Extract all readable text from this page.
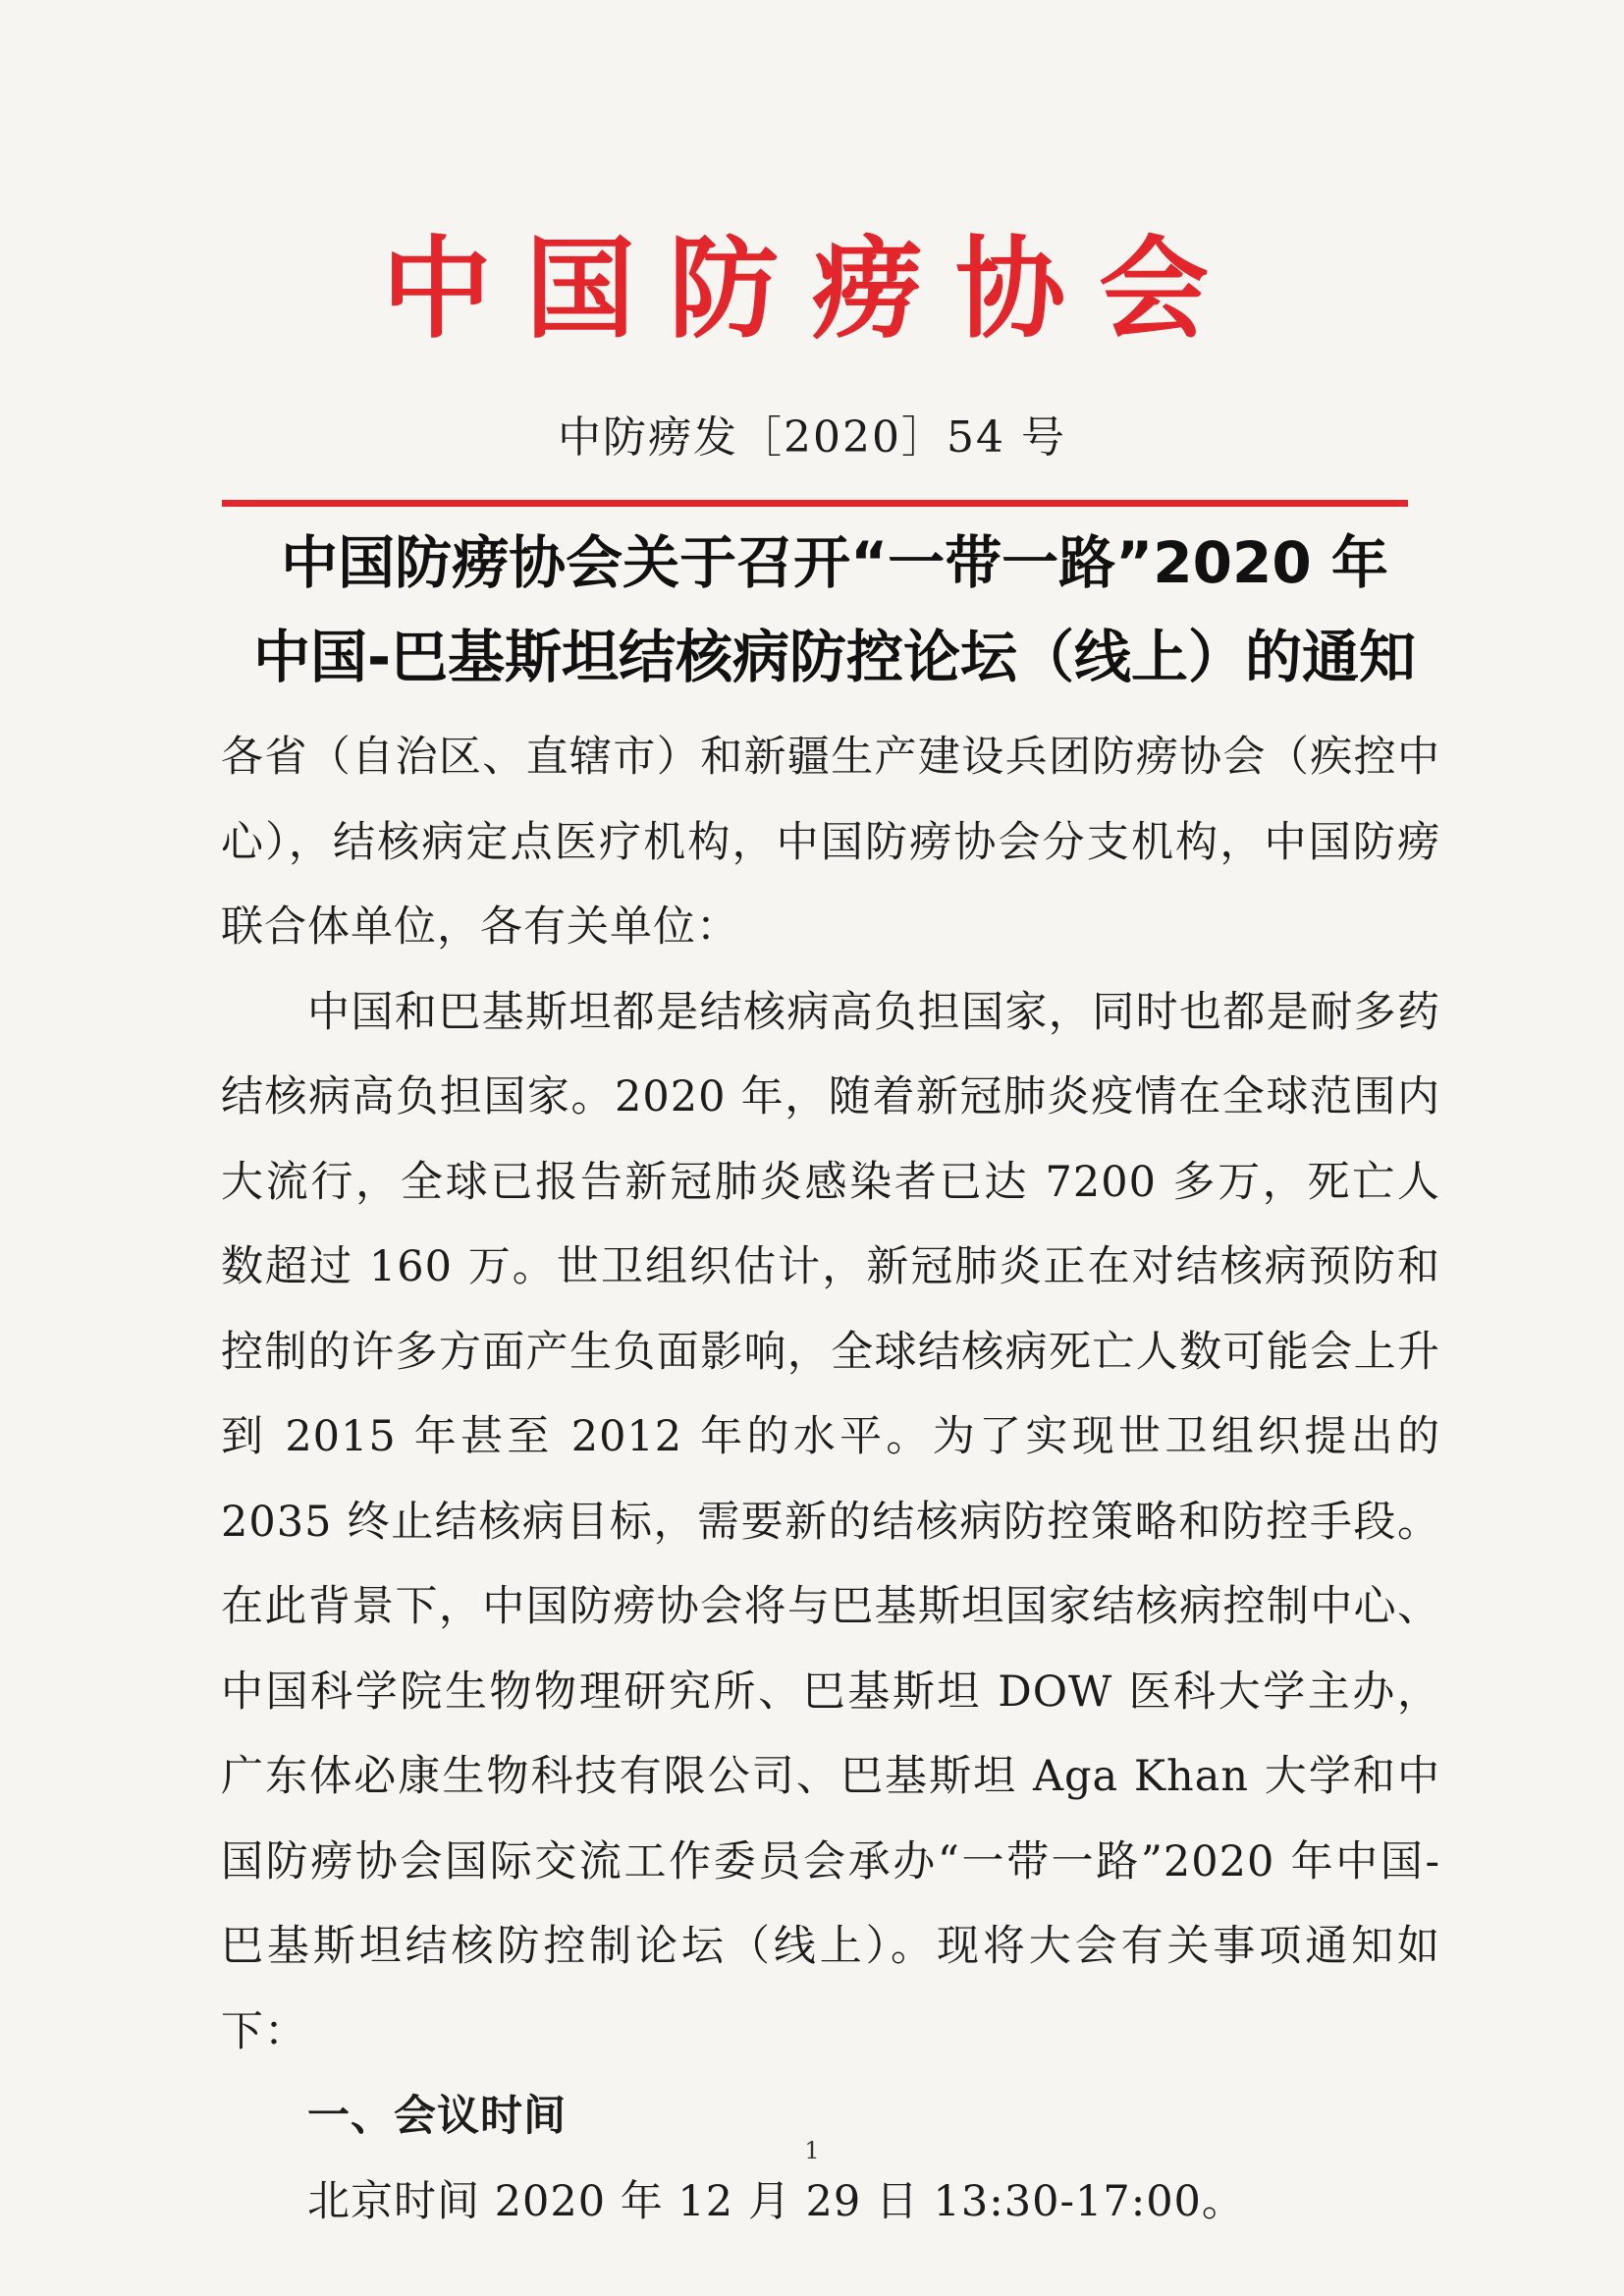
中国防痨协会
中防痨发［2020］54 号
中国防痨协会关于召开“一带一路”2020 年
中国-巴基斯坦结核病防控论坛（线上）的通知

各省（自治区、直辖市）和新疆生产建设兵团防痨协会（疾控中心），结核病定点医疗机构，中国防痨协会分支机构，中国防痨联合体单位，各有关单位：

中国和巴基斯坦都是结核病高负担国家，同时也都是耐多药结核病高负担国家。2020 年，随着新冠肺炎疫情在全球范围内大流行，全球已报告新冠肺炎感染者已达 7200 多万，死亡人数超过 160 万。世卫组织估计，新冠肺炎正在对结核病预防和控制的许多方面产生负面影响，全球结核病死亡人数可能会上升到 2015 年甚至 2012 年的水平。为了实现世卫组织提出的 2035 终止结核病目标，需要新的结核病防控策略和防控手段。在此背景下，中国防痨协会将与巴基斯坦国家结核病控制中心、中国科学院生物物理研究所、巴基斯坦 DOW 医科大学主办，广东体必康生物科技有限公司、巴基斯坦 Aga Khan 大学和中国防痨协会国际交流工作委员会承办“一带一路”2020 年中国-巴基斯坦结核防控制论坛（线上）。现将大会有关事项通知如下：

一、会议时间

北京时间 2020 年 12 月 29 日 13:30-17:00。

1
